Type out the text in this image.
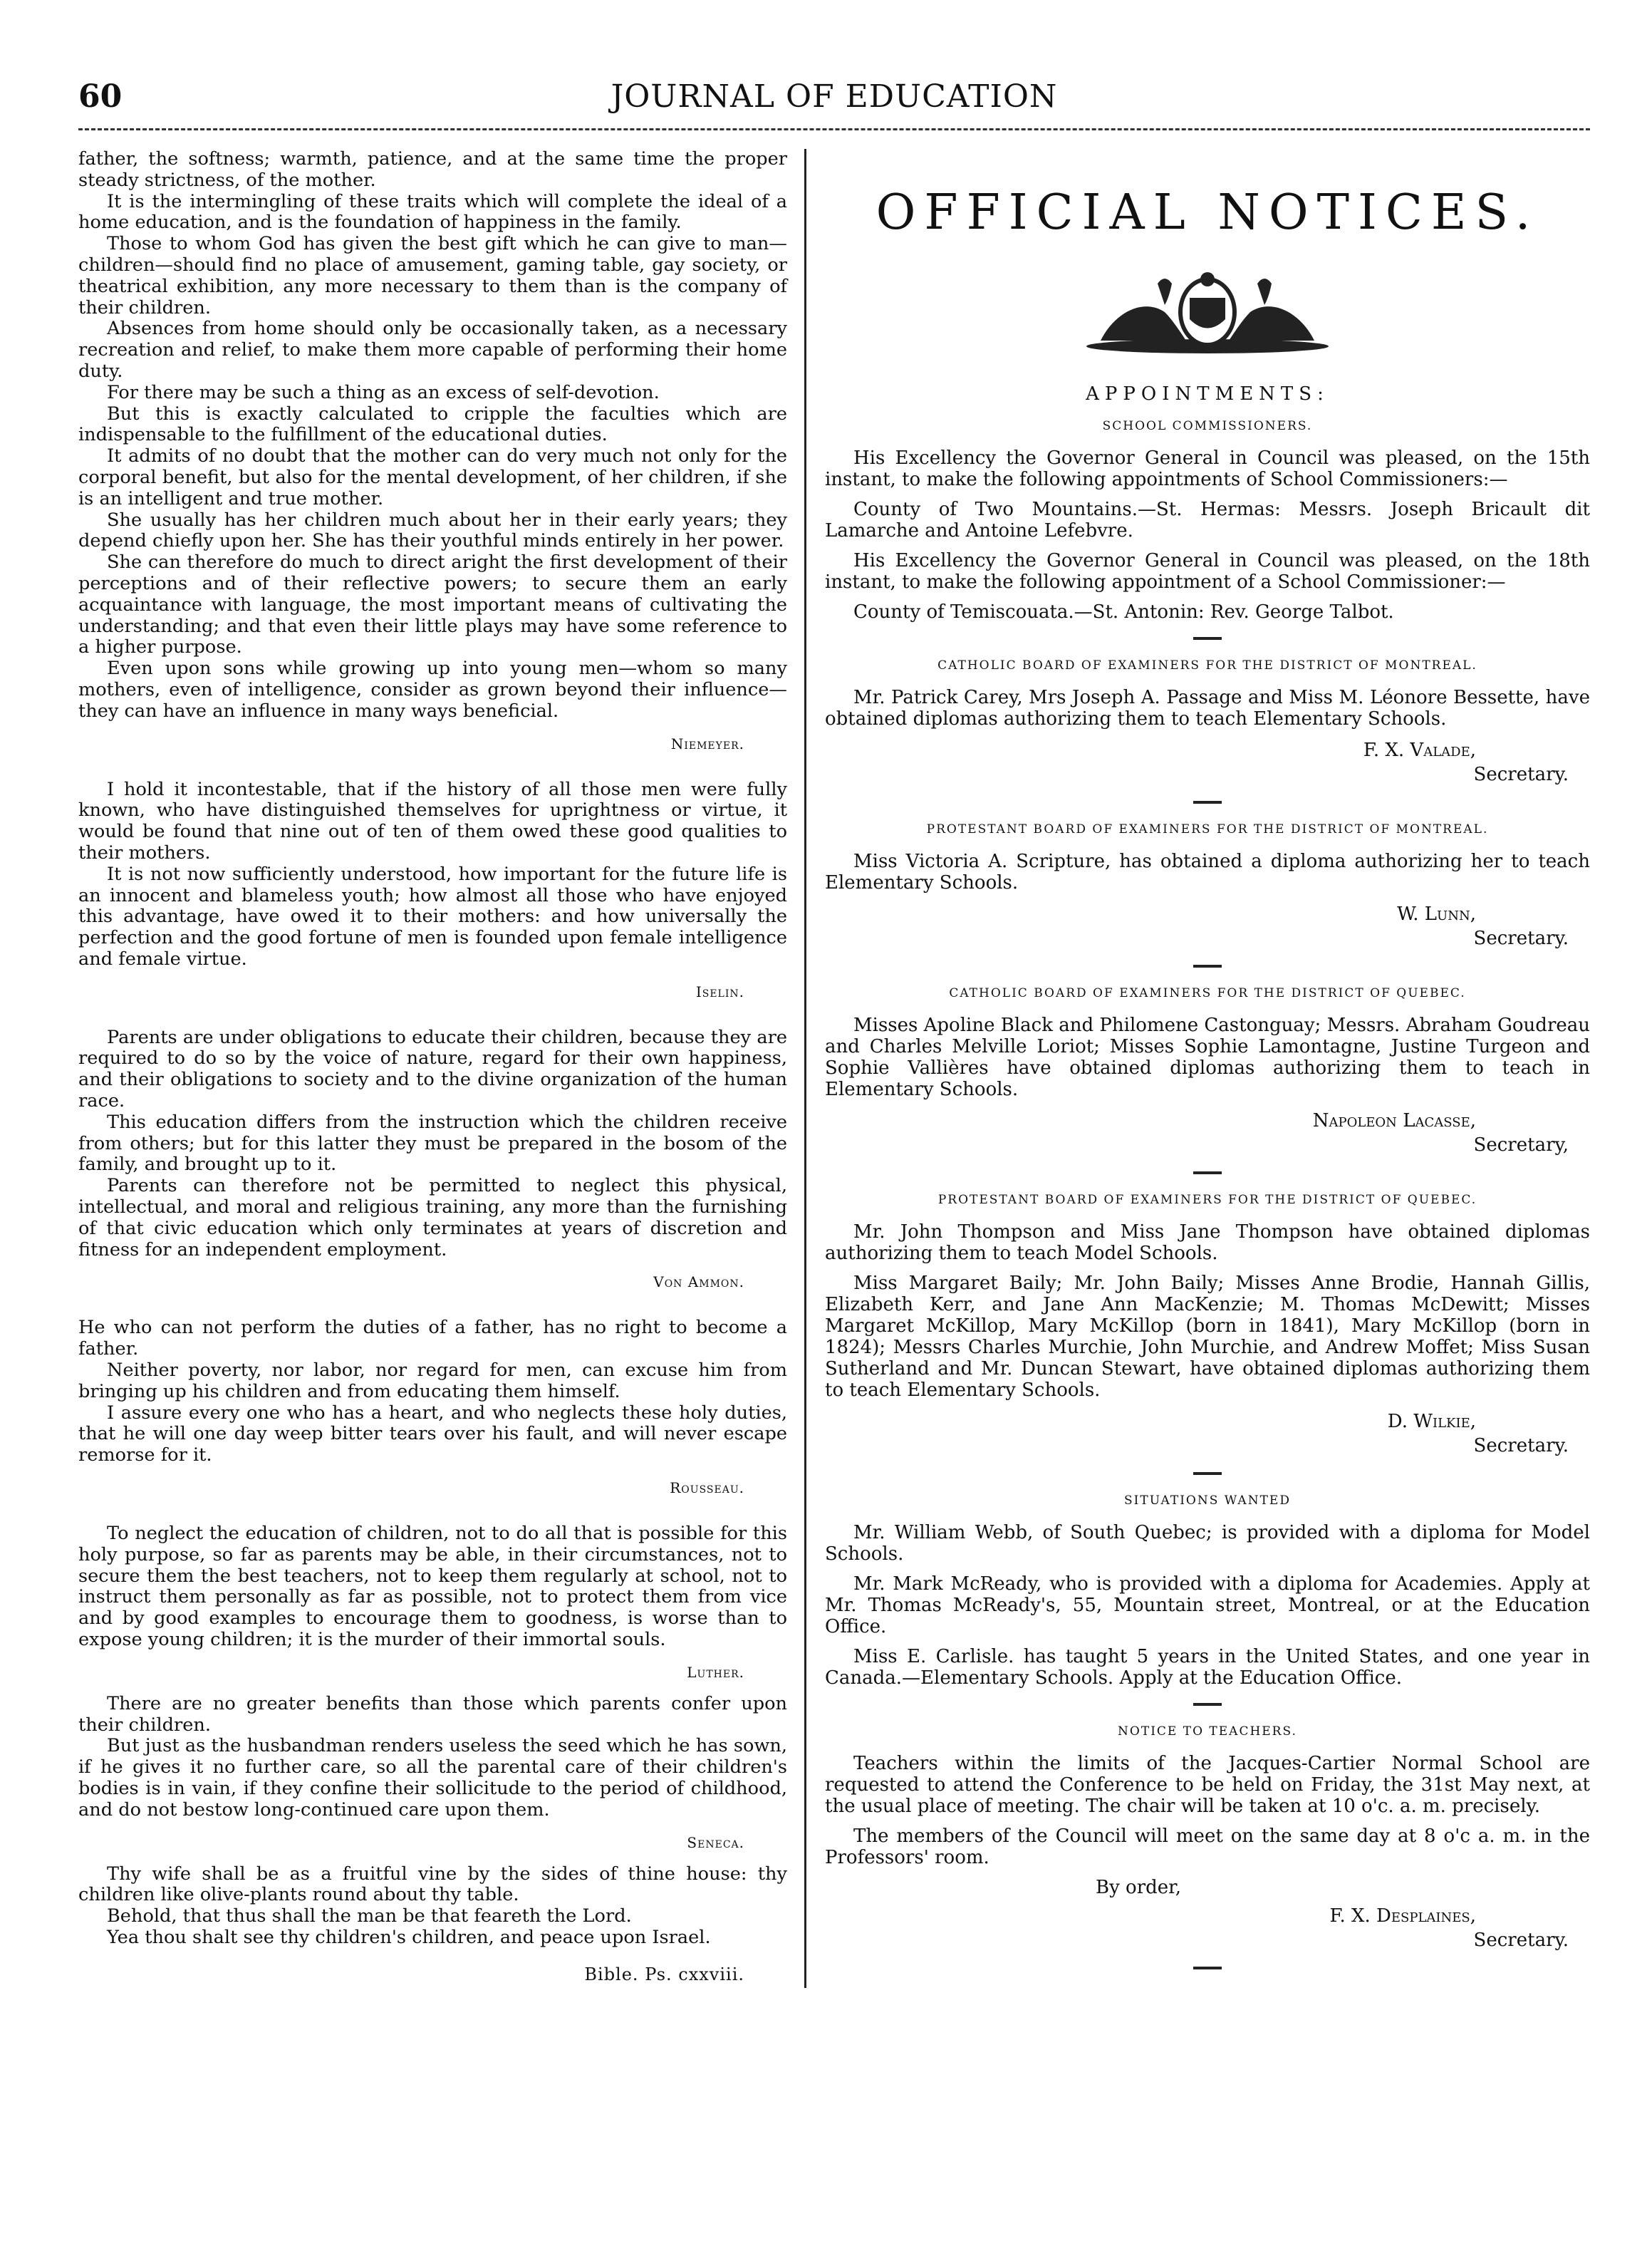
60	JOURNAL OF EDUCATION

father, the softness; warmth, patience, and at the same time the proper steady strictness, of the mother.

It is the intermingling of these traits which will complete the ideal of a home education, and is the foundation of happiness in the family.

Those to whom God has given the best gift which he can give to man—children—should find no place of amusement, gaming table, gay society, or theatrical exhibition, any more necessary to them than is the company of their children.

Absences from home should only be occasionally taken, as a necessary recreation and relief, to make them more capable of performing their home duty.

For there may be such a thing as an excess of self-devotion.

But this is exactly calculated to cripple the faculties which are indispensable to the fulfillment of the educational duties.

It admits of no doubt that the mother can do very much not only for the corporal benefit, but also for the mental development, of her children, if she is an intelligent and true mother.

She usually has her children much about her in their early years; they depend chiefly upon her. She has their youthful minds entirely in her power.

She can therefore do much to direct aright the first development of their perceptions and of their reflective powers; to secure them an early acquaintance with language, the most important means of cultivating the understanding; and that even their little plays may have some reference to a higher purpose.

Even upon sons while growing up into young men—whom so many mothers, even of intelligence, consider as grown beyond their influence—they can have an influence in many ways beneficial.

Niemeyer.

I hold it incontestable, that if the history of all those men were fully known, who have distinguished themselves for uprightness or virtue, it would be found that nine out of ten of them owed these good qualities to their mothers.

It is not now sufficiently understood, how important for the future life is an innocent and blameless youth; how almost all those who have enjoyed this advantage, have owed it to their mothers: and how universally the perfection and the good fortune of men is founded upon female intelligence and female virtue.

Iselin.

Parents are under obligations to educate their children, because they are required to do so by the voice of nature, regard for their own happiness, and their obligations to society and to the divine organization of the human race.

This education differs from the instruction which the children receive from others; but for this latter they must be prepared in the bosom of the family, and brought up to it.

Parents can therefore not be permitted to neglect this physical, intellectual, and moral and religious training, any more than the furnishing of that civic education which only terminates at years of discretion and fitness for an independent employment.

Von Ammon.

He who can not perform the duties of a father, has no right to become a father.

Neither poverty, nor labor, nor regard for men, can excuse him from bringing up his children and from educating them himself.

I assure every one who has a heart, and who neglects these holy duties, that he will one day weep bitter tears over his fault, and will never escape remorse for it.

Rousseau.

To neglect the education of children, not to do all that is possible for this holy purpose, so far as parents may be able, in their circumstances, not to secure them the best teachers, not to keep them regularly at school, not to instruct them personally as far as possible, not to protect them from vice and by good examples to encourage them to goodness, is worse than to expose young children; it is the murder of their immortal souls.

Luther.

There are no greater benefits than those which parents confer upon their children.

But just as the husbandman renders useless the seed which he has sown, if he gives it no further care, so all the parental care of their children's bodies is in vain, if they confine their sollicitude to the period of childhood, and do not bestow long-continued care upon them.

Seneca.

Thy wife shall be as a fruitful vine by the sides of thine house: thy children like olive-plants round about thy table.

Behold, that thus shall the man be that feareth the Lord.

Yea thou shalt see thy children's children, and peace upon Israel.

Bible. Ps. cxxviii.
OFFICIAL NOTICES.
APPOINTMENTS:
SCHOOL COMMISSIONERS.

His Excellency the Governor General in Council was pleased, on the 15th instant, to make the following appointments of School Commissioners:—

County of Two Mountains.—St. Hermas: Messrs. Joseph Bricault dit Lamarche and Antoine Lefebvre.

His Excellency the Governor General in Council was pleased, on the 18th instant, to make the following appointment of a School Commissioner:—

County of Temiscouata.—St. Antonin: Rev. George Talbot.

CATHOLIC BOARD OF EXAMINERS FOR THE DISTRICT OF MONTREAL.

Mr. Patrick Carey, Mrs Joseph A. Passage and Miss M. Léonore Bessette, have obtained diplomas authorizing them to teach Elementary Schools.

F. X. Valade,
Secretary.
PROTESTANT BOARD OF EXAMINERS FOR THE DISTRICT OF MONTREAL.

Miss Victoria A. Scripture, has obtained a diploma authorizing her to teach Elementary Schools.

W. Lunn,
Secretary.
CATHOLIC BOARD OF EXAMINERS FOR THE DISTRICT OF QUEBEC.

Misses Apoline Black and Philomene Castonguay; Messrs. Abraham Goudreau and Charles Melville Loriot; Misses Sophie Lamontagne, Justine Turgeon and Sophie Vallières have obtained diplomas authorizing them to teach in Elementary Schools.

Napoleon Lacasse,
Secretary,
PROTESTANT BOARD OF EXAMINERS FOR THE DISTRICT OF QUEBEC.

Mr. John Thompson and Miss Jane Thompson have obtained diplomas authorizing them to teach Model Schools.

Miss Margaret Baily; Mr. John Baily; Misses Anne Brodie, Hannah Gillis, Elizabeth Kerr, and Jane Ann MacKenzie; M. Thomas McDewitt; Misses Margaret McKillop, Mary McKillop (born in 1841), Mary McKillop (born in 1824); Messrs Charles Murchie, John Murchie, and Andrew Moffet; Miss Susan Sutherland and Mr. Duncan Stewart, have obtained diplomas authorizing them to teach Elementary Schools.

D. Wilkie,
Secretary.
SITUATIONS WANTED

Mr. William Webb, of South Quebec; is provided with a diploma for Model Schools.

Mr. Mark McReady, who is provided with a diploma for Academies. Apply at Mr. Thomas McReady's, 55, Mountain street, Montreal, or at the Education Office.

Miss E. Carlisle. has taught 5 years in the United States, and one year in Canada.—Elementary Schools. Apply at the Education Office.

NOTICE TO TEACHERS.

Teachers within the limits of the Jacques-Cartier Normal School are requested to attend the Conference to be held on Friday, the 31st May next, at the usual place of meeting. The chair will be taken at 10 o'c. a. m. precisely.

The members of the Council will meet on the same day at 8 o'c a. m. in the Professors' room.

By order,
F. X. Desplaines,
Secretary.
